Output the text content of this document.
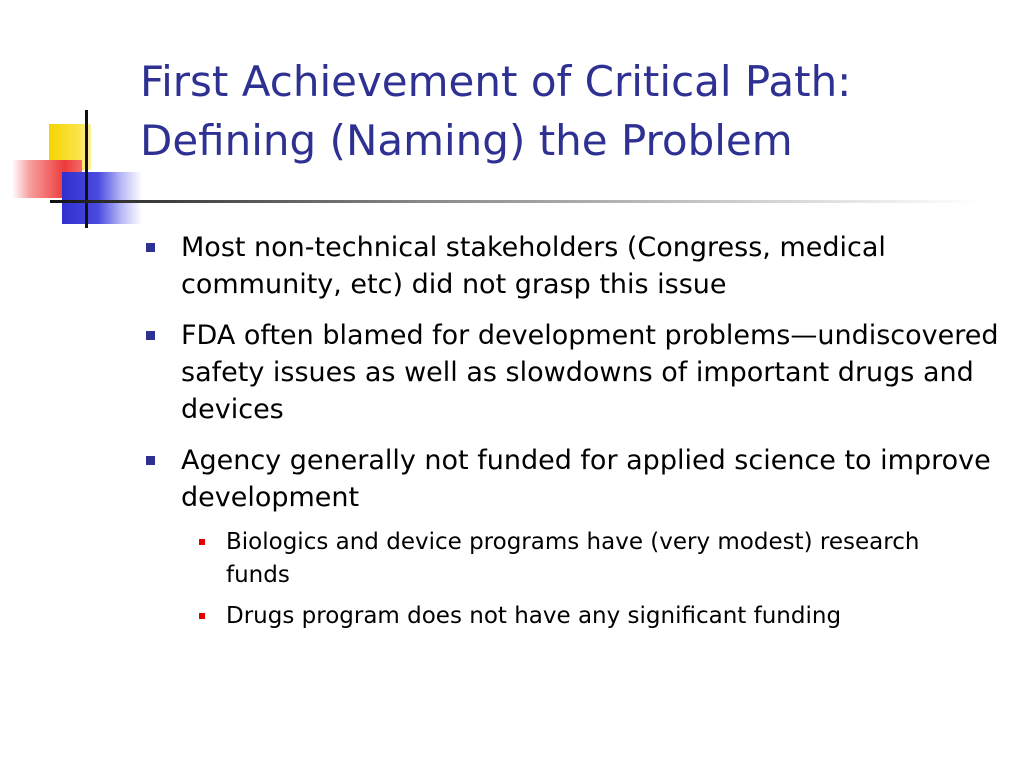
First Achievement of Critical Path:
Defining (Naming) the Problem
Most non-technical stakeholders (Congress, medical community, etc) did not grasp this issue
FDA often blamed for development problems—undiscovered safety issues as well as slowdowns of important drugs and devices
Agency generally not funded for applied science to improve development
Biologics and device programs have (very modest) research funds
Drugs program does not have any significant funding
